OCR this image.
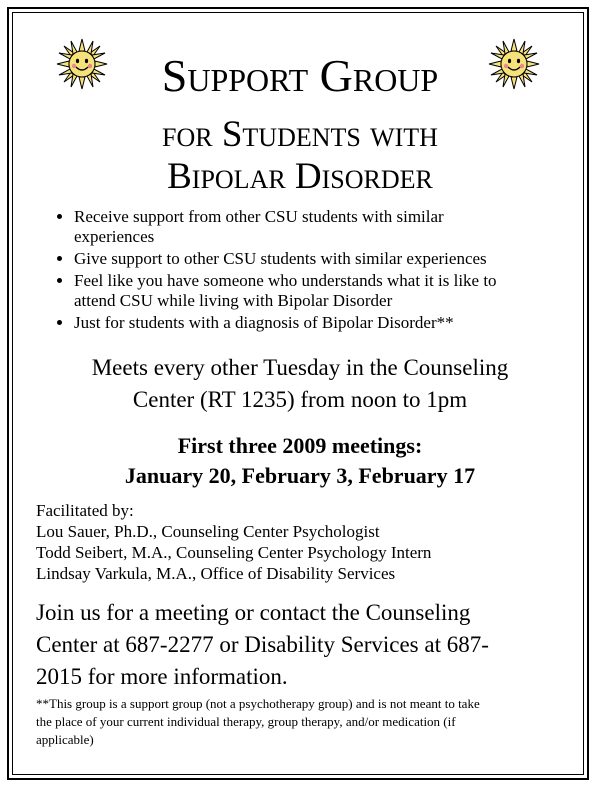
Support Group
for Students with
Bipolar Disorder
• Receive support from other CSU students with similar
experiences
• Give support to other CSU students with similar experiences
• Feel like you have someone who understands what it is like to
attend CSU while living with Bipolar Disorder
• Just for students with a diagnosis of Bipolar Disorder**
Meets every other Tuesday in the Counseling
Center (RT 1235) from noon to 1pm
First three 2009 meetings:
January 20, February 3, February 17
Facilitated by:
Lou Sauer, Ph.D., Counseling Center Psychologist
Todd Seibert, M.A., Counseling Center Psychology Intern
Lindsay Varkula, M.A., Office of Disability Services
Join us for a meeting or contact the Counseling
Center at 687-2277 or Disability Services at 687-
2015 for more information.
**This group is a support group (not a psychotherapy group) and is not meant to take
the place of your current individual therapy, group therapy, and/or medication (if
applicable)
